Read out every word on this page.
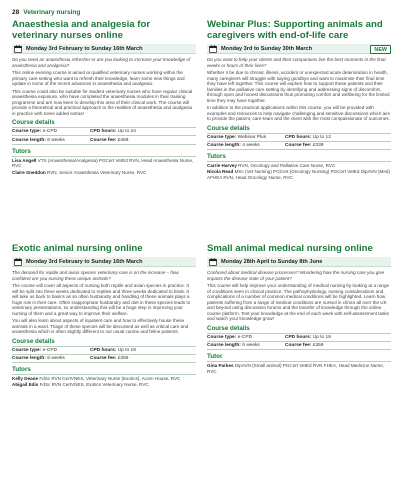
28 Veterinary nursing
Anaesthesia and analgesia for veterinary nurses online
Monday 3rd February to Sunday 16th March

Do you need an anaesthesia refresher or are you looking to increase your knowledge of anaesthesia and analgesia?

This online evening course is aimed at qualified veterinary nurses working within the primary care setting who want to refresh their knowledge, learn some new things and update in some of the recent advances in anaesthesia and analgesia.

This course could also be suitable for student veterinary nurses who have regular clinical anaesthesia exposure, who have completed the anaesthesia modules in their training programme and are now keen to develop this area of their clinical work. The course will provide a theoretical and practical approach to the realities of anaesthesia and analgesia in practice with some added extras!

Course details
Course type: e-CPD	CPD hours: Up to 24
Course length: 6 weeks	Course fee: £459
Tutors
Lisa Angell VTS (Anaesthesia/Analgesia) PGCert VetEd RVN, Head Anaesthesia Nurse, RVC
Claire Sneddon RVN, Senior Anaesthesia Veterinary Nurse, RVC
Webinar Plus: Supporting animals and caregivers with end-of-life care
Monday 3rd to Sunday 30th March	NEW

Do you want to help your clients and their companions live the best moments in the final weeks or hours of their lives?

Whether it be due to chronic illness, accident or unexpected acute deterioration in health, many caregivers will struggle with saying goodbye and want to maximise their final time they have left together. This course will explore how to support these patients and their families in the palliative care setting by identifying and addressing signs of discomfort, through open and honest discussions thus promoting comfort and wellbeing for the limited time they may have together.

In addition to the practical applications within this course, you will be provided with examples and resources to help navigate challenging and sensitive discussions which aim to provide the patient, care-team and the client with the most compassionate of outcomes.

Course details
Course type: Webinar Plus	CPD hours: Up to 12
Course length: 4 weeks	Course fee: £339
Tutors
Carrie Harvey RVN, Oncology and Palliative Care Nurse, RVC
Nicola Read MSc (Vet Nursing) PGCert (Oncology Nursing) PGCert VetEd DipAVN (Med) AFHEA RVN, Head Oncology Nurse, RVC
Exotic animal nursing online
Monday 3rd February to Sunday 16th March

The demand for reptile and avian species veterinary care is on the increase – how confident are you nursing these unique animals?

The course will cover all aspects of nursing both reptile and avian species in practice. It will be split into three weeks dedicated to reptiles and three weeks dedicated to birds. It will take us back to basics as so often husbandry and handling of these animals plays a huge role in their care. Often inappropriate husbandry and diet in these species leads to veterinary presentations, so understanding this will be a huge step in improving your nursing of them and a great way to improve their welfare.

You will also learn about aspects of inpatient care and how to effectively house these animals in a ward. Triage of these species will be discussed as well as critical care and anaesthesia which is often slightly different to our usual canine and feline patients.

Course details
Course type: e-CPD	CPD hours: Up to 18
Course length: 6 weeks	Course fee: £359
Tutors
Kelly Deane FdSc RVN CertVNES, Veterinary Nurse (Exotics), Acorn House, RVC
Abigail Edis FdSc RVN CertVNES, Exotics Veterinary Nurse, RVC
Small animal medical nursing online
Monday 28th April to Sunday 8th June

Confused about medical disease processes? Wondering how the nursing care you give impacts the disease state of your patient?

This course will help improve your understanding of medical nursing by looking at a range of conditions seen in clinical practice. The pathophysiology, nursing considerations and complications of a number of common medical conditions will be highlighted. Learn how patients suffering from a range of medical conditions are nursed in clinics all over the UK and beyond using discussion forums and the transfer of knowledge through the online course platform. Test your knowledge at the end of each week with self-assessment tasks and watch your knowledge grow!

Course details
Course type: e-CPD	CPD hours: Up to 18
Course length: 6 weeks	Course fee: £359
Tutor
Gina Parkes DipAVN (Small animal) PGCert VetEd RVN FHEA, Head Medicine Nurse, RVC
